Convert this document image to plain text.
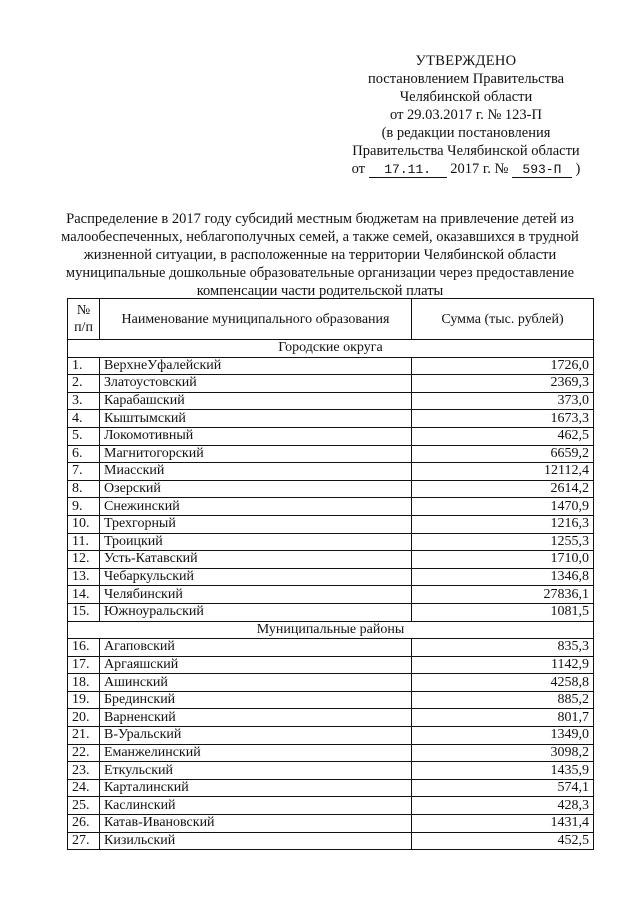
УТВЕРЖДЕНО
постановлением Правительства
Челябинской области
от 29.03.2017 г. № 123-П
(в редакции постановления
Правительства Челябинской области
от 17.11. 2017 г. № 593-П )
Распределение в 2017 году субсидий местным бюджетам на привлечение детей из малообеспеченных, неблагополучных семей, а также семей, оказавшихся в трудной жизненной ситуации, в расположенные на территории Челябинской области муниципальные дошкольные образовательные организации через предоставление компенсации части родительской платы
№ п/п	Наименование муниципального образования	Сумма (тыс. рублей)
Городские округа		
1.	ВерхнеУфалейский	1726,0
2.	Златоустовский	2369,3
3.	Карабашский	373,0
4.	Кыштымский	1673,3
5.	Локомотивный	462,5
6.	Магнитогорский	6659,2
7.	Миасский	12112,4
8.	Озерский	2614,2
9.	Снежинский	1470,9
10.	Трехгорный	1216,3
11.	Троицкий	1255,3
12.	Усть-Катавский	1710,0
13.	Чебаркульский	1346,8
14.	Челябинский	27836,1
15.	Южноуральский	1081,5
Муниципальные районы		
16.	Агаповский	835,3
17.	Аргаяшский	1142,9
18.	Ашинский	4258,8
19.	Брединский	885,2
20.	Варненский	801,7
21.	В-Уральский	1349,0
22.	Еманжелинский	3098,2
23.	Еткульский	1435,9
24.	Карталинский	574,1
25.	Каслинский	428,3
26.	Катав-Ивановский	1431,4
27.	Кизильский	452,5
